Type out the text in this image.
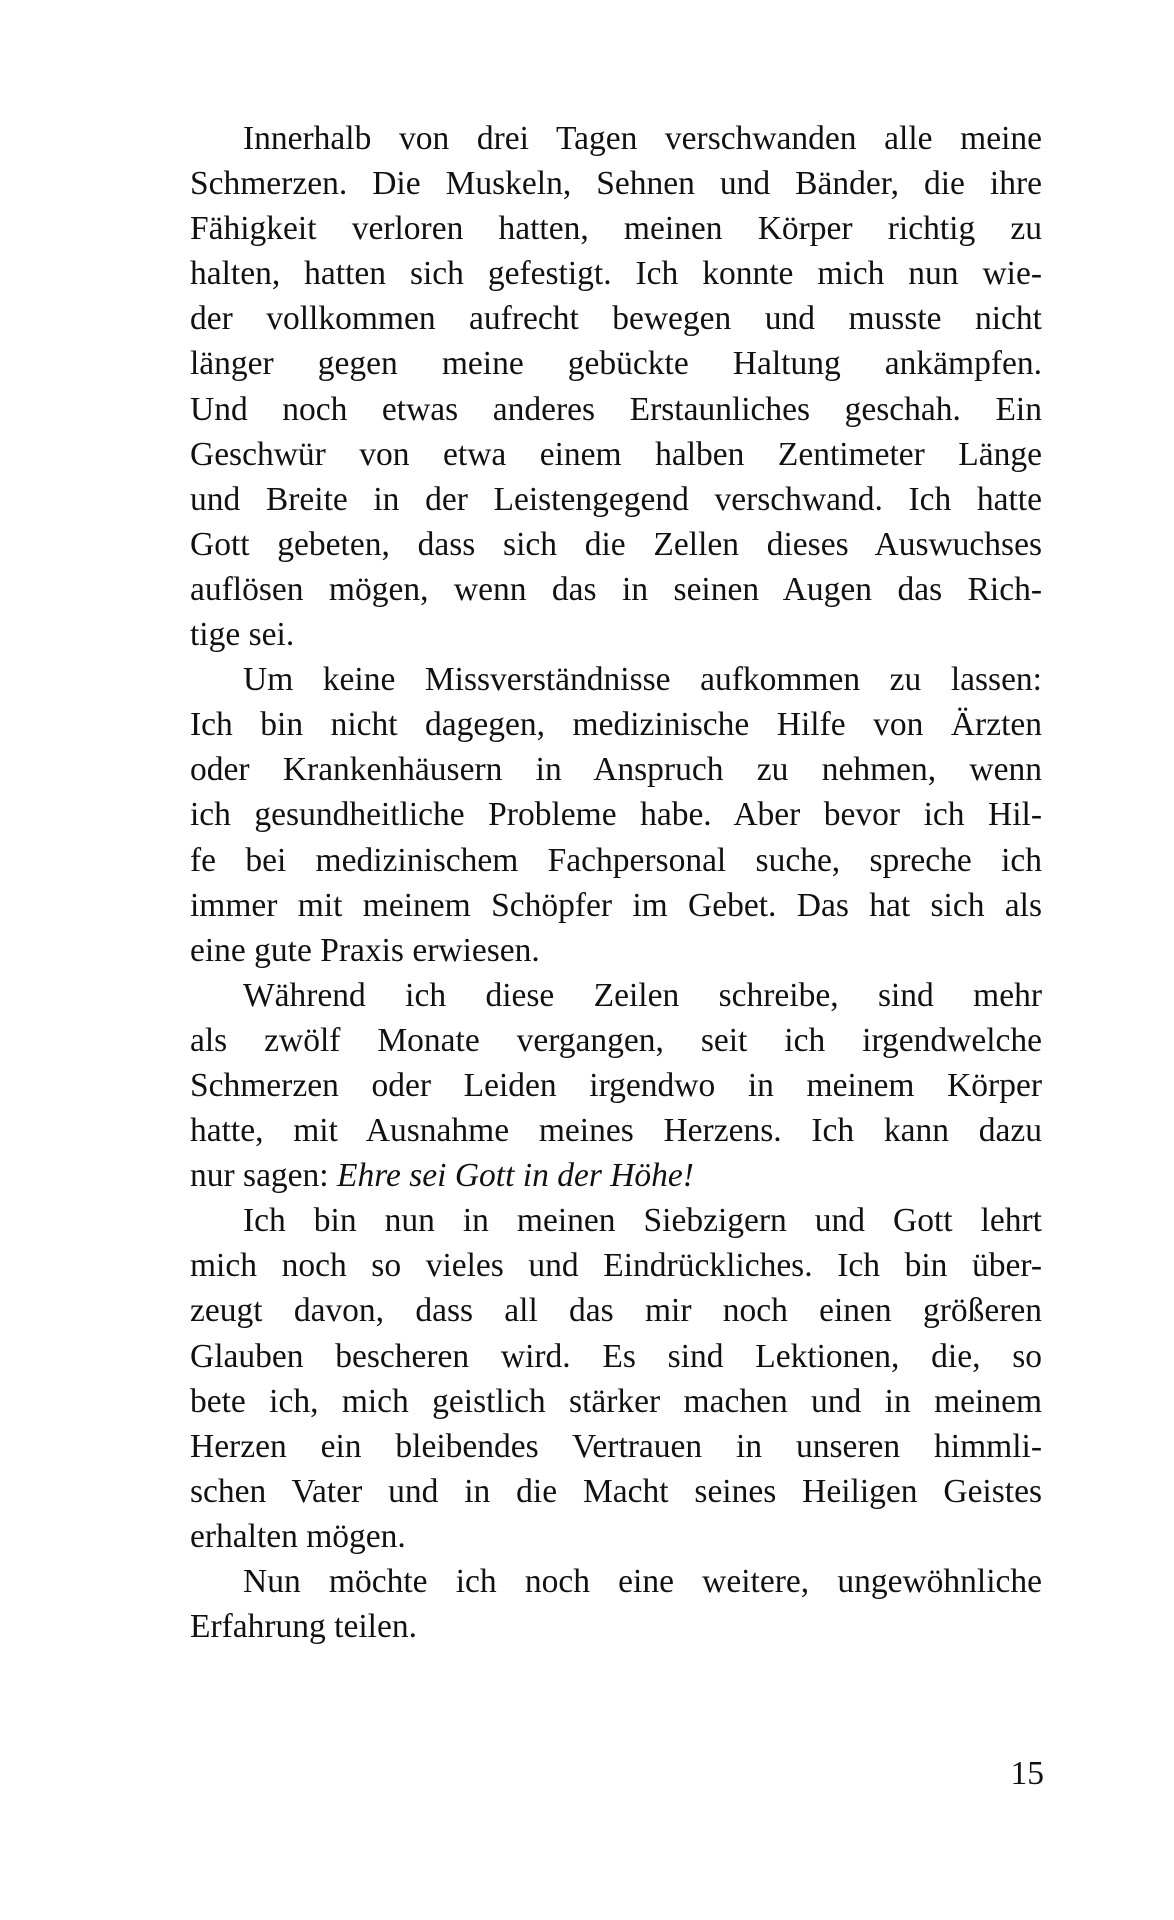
Innerhalb von drei Tagen verschwanden alle meine
Schmerzen. Die Muskeln, Sehnen und Bänder, die ihre
Fähigkeit verloren hatten, meinen Körper richtig zu
halten, hatten sich gefestigt. Ich konnte mich nun wie-
der vollkommen aufrecht bewegen und musste nicht
länger gegen meine gebückte Haltung ankämpfen.
Und noch etwas anderes Erstaunliches geschah. Ein
Geschwür von etwa einem halben Zentimeter Länge
und Breite in der Leistengegend verschwand. Ich hatte
Gott gebeten, dass sich die Zellen dieses Auswuchses
auflösen mögen, wenn das in seinen Augen das Rich-
tige sei.
Um keine Missverständnisse aufkommen zu lassen:
Ich bin nicht dagegen, medizinische Hilfe von Ärzten
oder Krankenhäusern in Anspruch zu nehmen, wenn
ich gesundheitliche Probleme habe. Aber bevor ich Hil-
fe bei medizinischem Fachpersonal suche, spreche ich
immer mit meinem Schöpfer im Gebet. Das hat sich als
eine gute Praxis erwiesen.
Während ich diese Zeilen schreibe, sind mehr
als zwölf Monate vergangen, seit ich irgendwelche
Schmerzen oder Leiden irgendwo in meinem Körper
hatte, mit Ausnahme meines Herzens. Ich kann dazu
nur sagen: Ehre sei Gott in der Höhe!
Ich bin nun in meinen Siebzigern und Gott lehrt
mich noch so vieles und Eindrückliches. Ich bin über-
zeugt davon, dass all das mir noch einen größeren
Glauben bescheren wird. Es sind Lektionen, die, so
bete ich, mich geistlich stärker machen und in meinem
Herzen ein bleibendes Vertrauen in unseren himmli-
schen Vater und in die Macht seines Heiligen Geistes
erhalten mögen.
Nun möchte ich noch eine weitere, ungewöhnliche
Erfahrung teilen.
15
